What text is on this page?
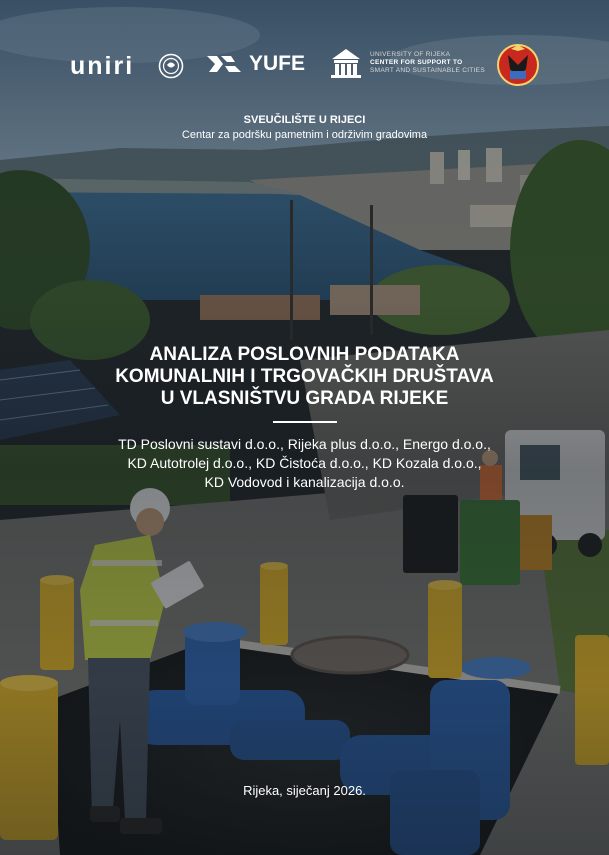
uniri	YUFE	UNIVERSITY OF RIJEKA
CENTER FOR SUPPORT TO
SMART AND SUSTAINABLE CITIES
SVEUČILIŠTE U RIJECI
Centar za podršku pametnim i održivim gradovima
ANALIZA POSLOVNIH PODATAKA
KOMUNALNIH I TRGOVAČKIH DRUŠTAVA
U VLASNIŠTVU GRADA RIJEKE
TD Poslovni sustavi d.o.o., Rijeka plus d.o.o., Energo d.o.o.,
KD Autotrolej d.o.o., KD Čistoća d.o.o., KD Kozala d.o.o.,
KD Vodovod i kanalizacija d.o.o.
Rijeka, siječanj 2026.
